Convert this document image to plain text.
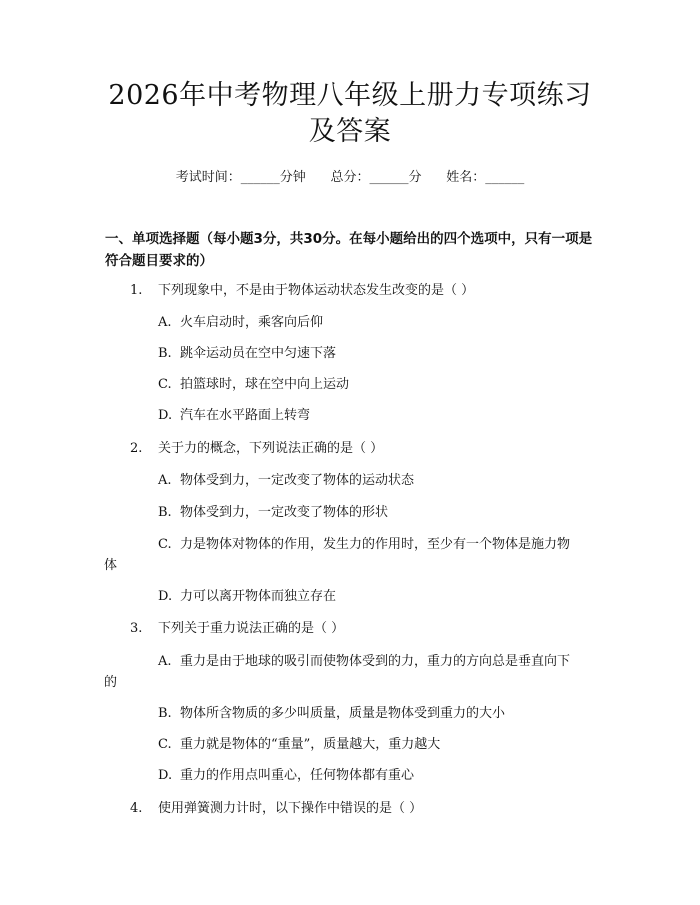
2026年中考物理八年级上册力专项练习及答案
考试时间：______分钟      总分：______分      姓名：______
一、单项选择题（每小题3分，共30分。在每小题给出的四个选项中，只有一项是符合题目要求的）
1. 下列现象中，不是由于物体运动状态发生改变的是（ ）
A. 火车启动时，乘客向后仰
B. 跳伞运动员在空中匀速下落
C. 拍篮球时，球在空中向上运动
D. 汽车在水平路面上转弯
2. 关于力的概念，下列说法正确的是（ ）
A. 物体受到力，一定改变了物体的运动状态
B. 物体受到力，一定改变了物体的形状
C. 力是物体对物体的作用，发生力的作用时，至少有一个物体是施力物
体
D. 力可以离开物体而独立存在
3. 下列关于重力说法正确的是（ ）
A. 重力是由于地球的吸引而使物体受到的力，重力的方向总是垂直向下
的
B. 物体所含物质的多少叫质量，质量是物体受到重力的大小
C. 重力就是物体的“重量”，质量越大，重力越大
D. 重力的作用点叫重心，任何物体都有重心
4. 使用弹簧测力计时，以下操作中错误的是（ ）
